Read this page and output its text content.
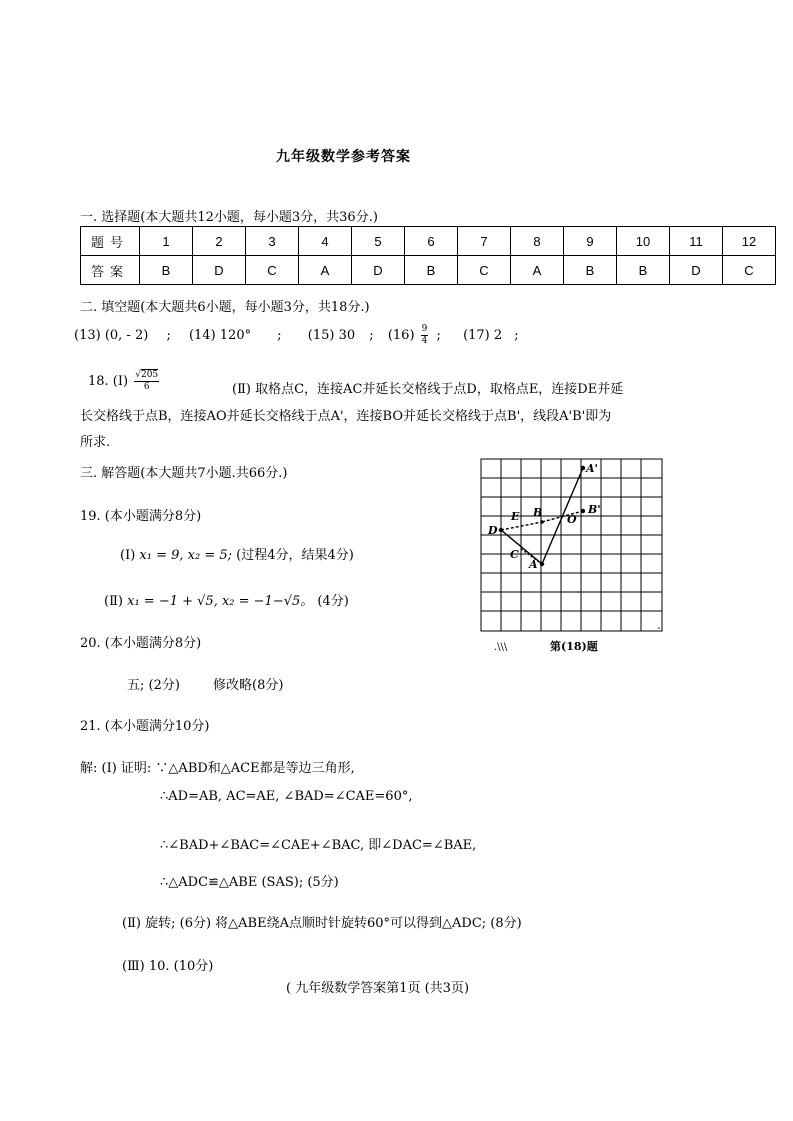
九年级数学参考答案
一. 选择题(本大题共12小题，每小题3分，共36分.)
题号	1	2	3	4	5	6	7	8	9	10	11	12
答案	B	D	C	A	D	B	C	A	B	B	D	C
二. 填空题(本大题共6小题，每小题3分，共18分.)
(13) (0, - 2) ; (14) 120° ; (15) 30 ; $(16) \frac{9}{4}$ ; (17) 2 ;
18. (Ⅰ) $\frac{√205}{6}$	(Ⅱ) 取格点C，连接AC并延长交格线于点D，取格点E，连接DE并延
长交格线于点B，连接AO并延长交格线于点A'，连接BO并延长交格线于点B'，线段A'B'即为
所求.
三. 解答题(本大题共7小题.共66分.)	A'
B'
E B
O
D
C
A
.\\\	第(18)题
19. (本小题满分8分)
(Ⅰ) x₁ = 9, x₂ = 5; (过程4分，结果4分)
(Ⅱ) x₁ = −1 + √5, x₂ = −1−√5。 (4分)
20. (本小题满分8分)
五; (2分)	修改略(8分)
21. (本小题满分10分)
解: (Ⅰ) 证明: ∵△ABD和△ACE都是等边三角形,
∴AD=AB, AC=AE, ∠BAD=∠CAE=60°,
∴∠BAD+∠BAC=∠CAE+∠BAC, 即∠DAC=∠BAE,
∴△ADC≌△ABE (SAS); (5分)
(Ⅱ) 旋转; (6分) 将△ABE绕A点顺时针旋转60°可以得到△ADC; (8分)
(Ⅲ) 10. (10分)
( 九年级数学答案第1页 (共3页)
